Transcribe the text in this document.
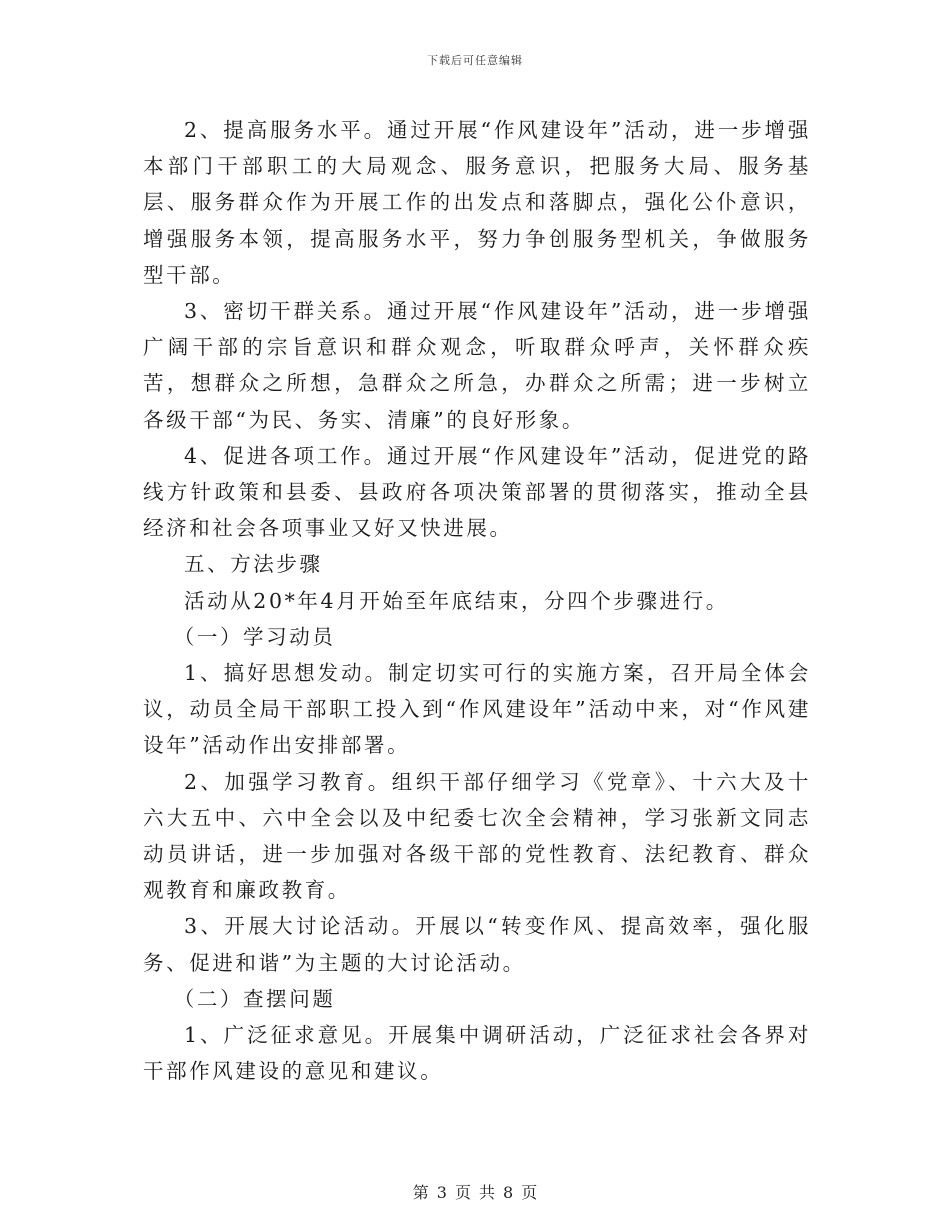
下载后可任意编辑

2、提高服务水平。通过开展“作风建设年”活动，进一步增强本部门干部职工的大局观念、服务意识，把服务大局、服务基层、服务群众作为开展工作的出发点和落脚点，强化公仆意识，增强服务本领，提高服务水平，努力争创服务型机关，争做服务型干部。

3、密切干群关系。通过开展“作风建设年”活动，进一步增强广阔干部的宗旨意识和群众观念，听取群众呼声，关怀群众疾苦，想群众之所想，急群众之所急，办群众之所需；进一步树立各级干部“为民、务实、清廉”的良好形象。

4、促进各项工作。通过开展“作风建设年”活动，促进党的路线方针政策和县委、县政府各项决策部署的贯彻落实，推动全县经济和社会各项事业又好又快进展。

五、方法步骤

活动从20*年4月开始至年底结束，分四个步骤进行。

（一）学习动员

1、搞好思想发动。制定切实可行的实施方案，召开局全体会议，动员全局干部职工投入到“作风建设年”活动中来，对“作风建设年”活动作出安排部署。

2、加强学习教育。组织干部仔细学习《党章》、十六大及十六大五中、六中全会以及中纪委七次全会精神，学习张新文同志动员讲话，进一步加强对各级干部的党性教育、法纪教育、群众观教育和廉政教育。

3、开展大讨论活动。开展以“转变作风、提高效率，强化服务、促进和谐”为主题的大讨论活动。

（二）查摆问题

1、广泛征求意见。开展集中调研活动，广泛征求社会各界对干部作风建设的意见和建议。

第 3 页 共 8 页
